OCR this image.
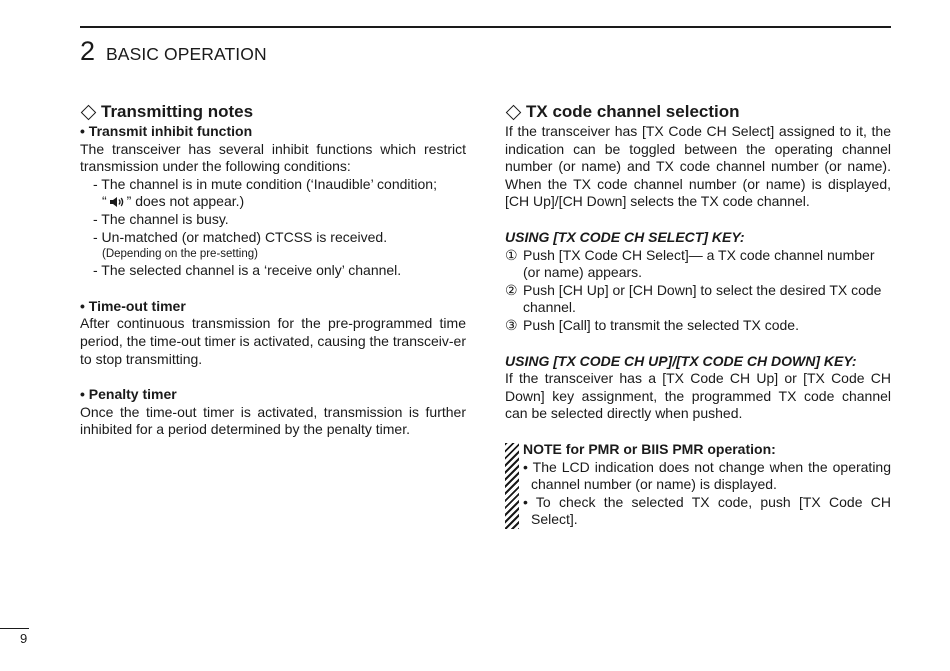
2 BASIC OPERATION
Transmitting notes

• Transmit inhibit function

The transceiver has several inhibit functions which restrict transmission under the following conditions:

- The channel is in mute condition (‘Inaudible’ condition;

“ ” does not appear.)

- The channel is busy.

- Un-matched (or matched) CTCSS is received.

(Depending on the pre-setting)

- The selected channel is a ‘receive only’ channel.

• Time-out timer

After continuous transmission for the pre-programmed time period, the time-out timer is activated, causing the transceiv-er to stop transmitting.

• Penalty timer

Once the time-out timer is activated, transmission is further inhibited for a period determined by the penalty timer.

TX code channel selection

If the transceiver has [TX Code CH Select] assigned to it, the indication can be toggled between the operating channel number (or name) and TX code channel number (or name). When the TX code channel number (or name) is displayed, [CH Up]/[CH Down] selects the TX code channel.

USING [TX CODE CH SELECT] KEY:

① Push [TX Code CH Select]— a TX code channel number (or name) appears.
② Push [CH Up] or [CH Down] to select the desired TX code channel.
③ Push [Call] to transmit the selected TX code.

USING [TX CODE CH UP]/[TX CODE CH DOWN] KEY:

If the transceiver has a [TX Code CH Up] or [TX Code CH Down] key assignment, the programmed TX code channel can be selected directly when pushed.

NOTE for PMR or BIIS PMR operation:

• The LCD indication does not change when the operating channel number (or name) is displayed.

• To check the selected TX code, push [TX Code CH Select].

9
